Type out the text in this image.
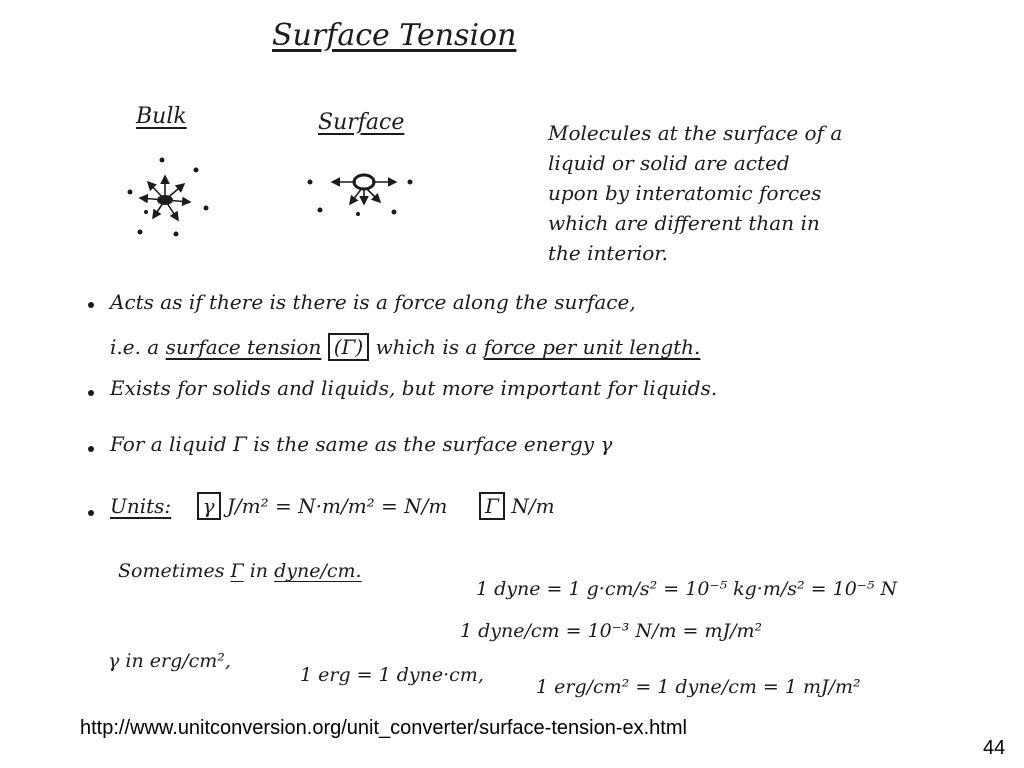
Surface Tension
Bulk	Surface	Molecules at the surface of a
liquid or solid are acted
upon by interatomic forces
which are different than in
the interior.
Acts as if there is there is a force along the surface,
i.e. a surface tension (Γ) which is a force per unit length.
Exists for solids and liquids, but more important for liquids.
For a liquid Γ is the same as the surface energy γ
Units: γ J/m² = N·m/m² = N/m Γ N/m
Sometimes Γ in dyne/cm.
1 dyne = 1 g·cm/s² = 10⁻⁵ kg·m/s² = 10⁻⁵ N
1 dyne/cm = 10⁻³ N/m = mJ/m²
γ in erg/cm²,
1 erg = 1 dyne·cm,
1 erg/cm² = 1 dyne/cm = 1 mJ/m²
http://www.unitconversion.org/unit_converter/surface-tension-ex.html
44
